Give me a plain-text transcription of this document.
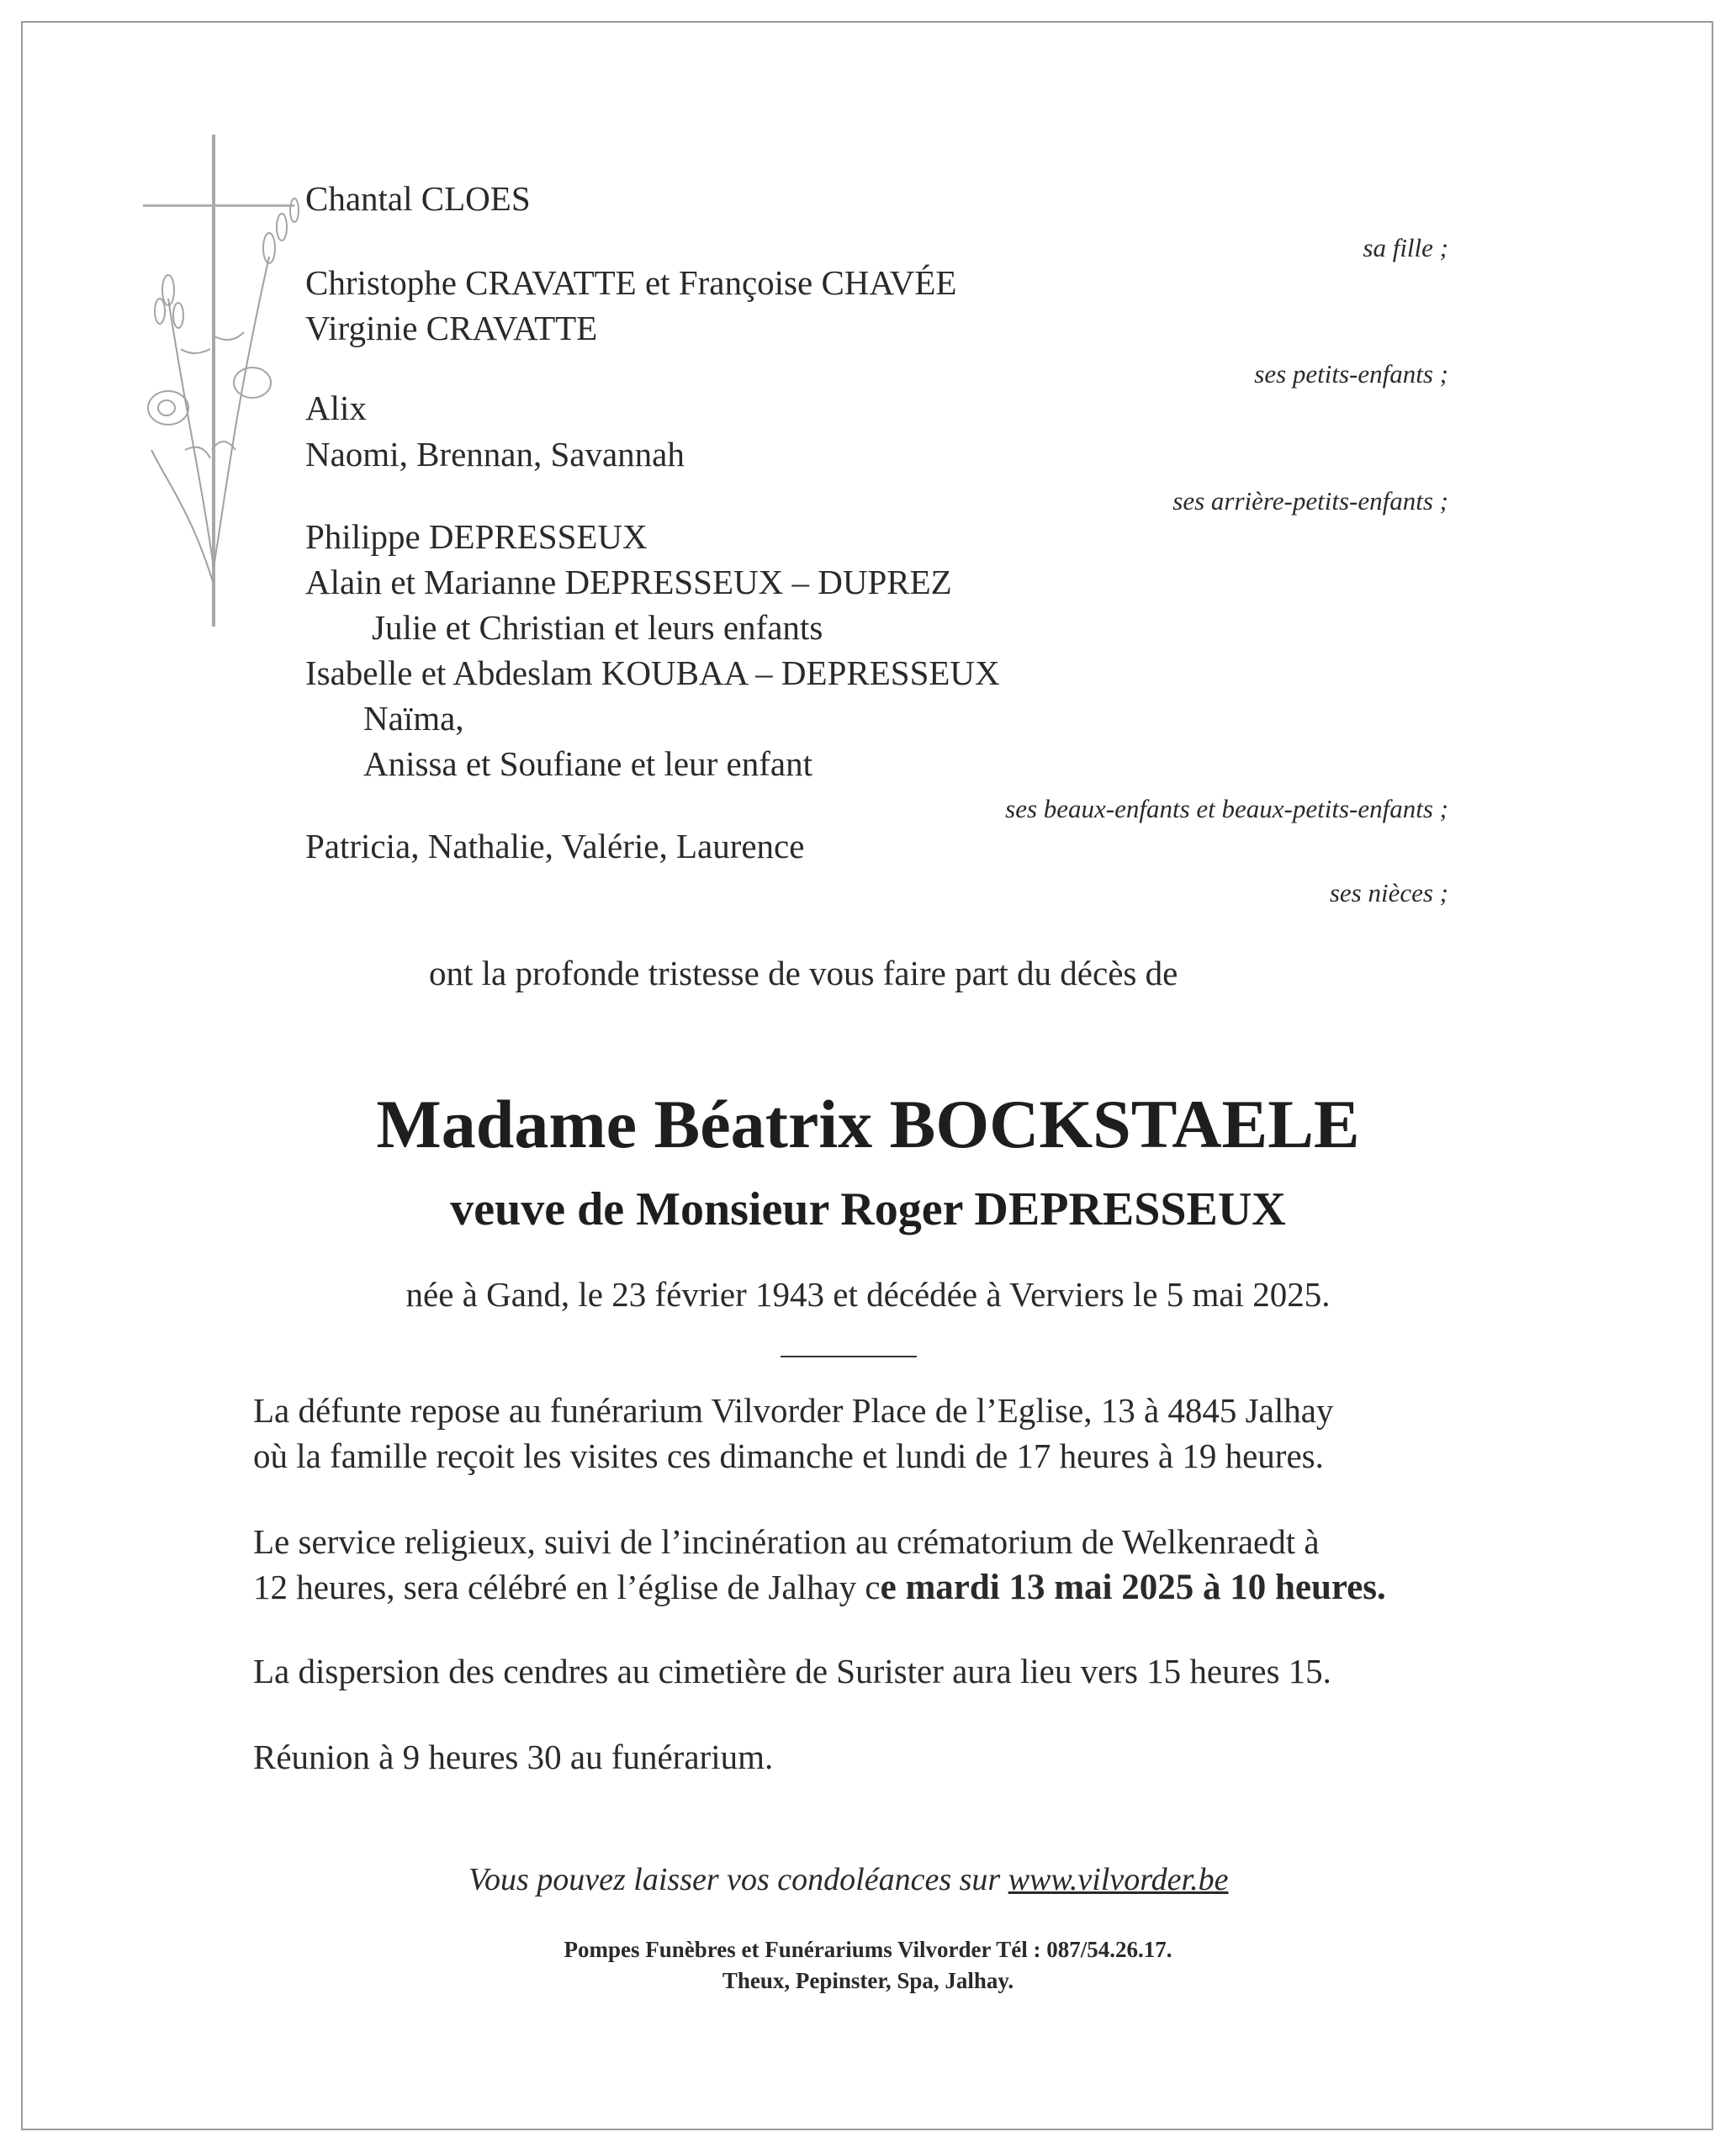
Chantal CLOES
sa fille ;
Christophe CRAVATTE et Françoise CHAVÉE
Virginie CRAVATTE
ses petits-enfants ;
Alix
Naomi, Brennan, Savannah
ses arrière-petits-enfants ;
Philippe DEPRESSEUX
Alain et Marianne DEPRESSEUX – DUPREZ
Julie et Christian et leurs enfants
Isabelle et Abdeslam KOUBAA – DEPRESSEUX
Naïma,
Anissa et Soufiane et leur enfant
ses beaux-enfants et beaux-petits-enfants ;
Patricia, Nathalie, Valérie, Laurence
ses nièces ;
ont la profonde tristesse de vous faire part du décès de
Madame Béatrix BOCKSTAELE
veuve de Monsieur Roger DEPRESSEUX
née à Gand, le 23 février 1943 et décédée à Verviers le 5 mai 2025.
La défunte repose au funérarium Vilvorder Place de l’Eglise, 13 à 4845 Jalhay
où la famille reçoit les visites ces dimanche et lundi de 17 heures à 19 heures.
Le service religieux, suivi de l’incinération au crématorium de Welkenraedt à
12 heures, sera célébré en l’église de Jalhay ce mardi 13 mai 2025 à 10 heures.
La dispersion des cendres au cimetière de Surister aura lieu vers 15 heures 15.
Réunion à 9 heures 30 au funérarium.
Vous pouvez laisser vos condoléances sur www.vilvorder.be
Pompes Funèbres et Funérariums Vilvorder Tél : 087/54.26.17.
Theux, Pepinster, Spa, Jalhay.
